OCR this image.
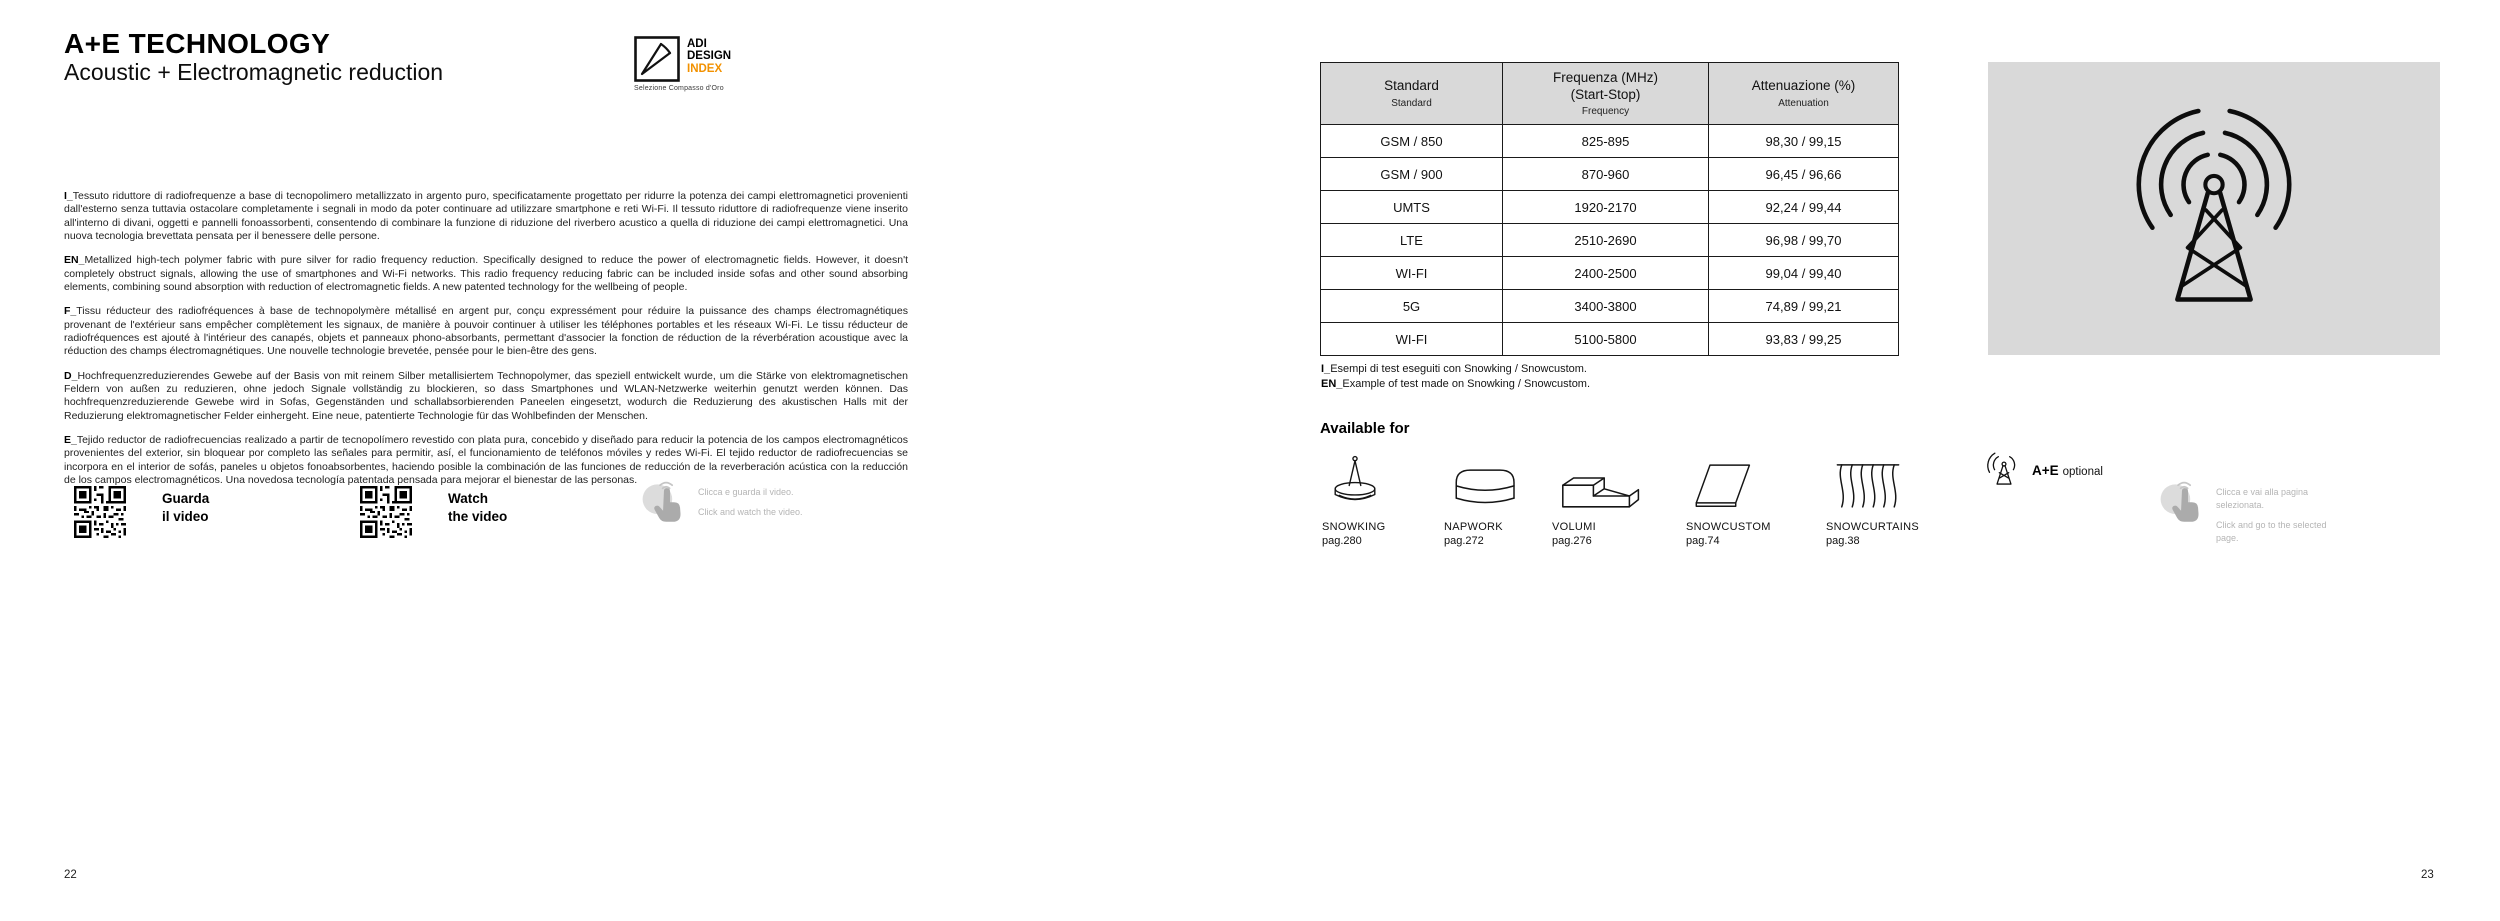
A+E TECHNOLOGY
Acoustic + Electromagnetic reduction
ADI
DESIGN
INDEX
Selezione Compasso d'Oro

I_Tessuto riduttore di radiofrequenze a base di tecnopolimero metallizzato in argento puro, specificatamente progettato per ridurre la potenza dei campi elettromagnetici provenienti dall'esterno senza tuttavia ostacolare completamente i segnali in modo da poter continuare ad utilizzare smartphone e reti Wi-Fi. Il tessuto riduttore di radiofrequenze viene inserito all'interno di divani, oggetti e pannelli fonoassorbenti, consentendo di combinare la funzione di riduzione del riverbero acustico a quella di riduzione dei campi elettromagnetici. Una nuova tecnologia brevettata pensata per il benessere delle persone.

EN_Metallized high-tech polymer fabric with pure silver for radio frequency reduction. Specifically designed to reduce the power of electromagnetic fields. However, it doesn't completely obstruct signals, allowing the use of smartphones and Wi-Fi networks. This radio frequency reducing fabric can be included inside sofas and other sound absorbing elements, combining sound absorption with reduction of electromagnetic fields. A new patented technology for the wellbeing of people.

F_Tissu réducteur des radiofréquences à base de technopolymère métallisé en argent pur, conçu expressément pour réduire la puissance des champs électromagnétiques provenant de l'extérieur sans empêcher complètement les signaux, de manière à pouvoir continuer à utiliser les téléphones portables et les réseaux Wi-Fi. Le tissu réducteur de radiofréquences est ajouté à l'intérieur des canapés, objets et panneaux phono-absorbants, permettant d'associer la fonction de réduction de la réverbération acoustique avec la réduction des champs électromagnétiques. Une nouvelle technologie brevetée, pensée pour le bien-être des gens.

D_Hochfrequenzreduzierendes Gewebe auf der Basis von mit reinem Silber metallisiertem Technopolymer, das speziell entwickelt wurde, um die Stärke von elektromagnetischen Feldern von außen zu reduzieren, ohne jedoch Signale vollständig zu blockieren, so dass Smartphones und WLAN-Netzwerke weiterhin genutzt werden können. Das hochfrequenzreduzierende Gewebe wird in Sofas, Gegenständen und schallabsorbierenden Paneelen eingesetzt, wodurch die Reduzierung des akustischen Halls mit der Reduzierung elektromagnetischer Felder einhergeht. Eine neue, patentierte Technologie für das Wohlbefinden der Menschen.

E_Tejido reductor de radiofrecuencias realizado a partir de tecnopolímero revestido con plata pura, concebido y diseñado para reducir la potencia de los campos electromagnéticos provenientes del exterior, sin bloquear por completo las señales para permitir, así, el funcionamiento de teléfonos móviles y redes Wi-Fi. El tejido reductor de radiofrecuencias se incorpora en el interior de sofás, paneles u objetos fonoabsorbentes, haciendo posible la combinación de las funciones de reducción de la reverberación acústica con la reducción de los campos electromagnéticos. Una novedosa tecnología patentada pensada para mejorar el bienestar de las personas.

Guarda
il video
Watch
the video

Clicca e guarda il video.

Click and watch the video.

22
Standard
Standard

Frequenza (MHz)
(Start-Stop)
Frequency

Attenuazione (%)
Attenuation

GSM / 850	825-895	98,30 / 99,15
GSM / 900	870-960	96,45 / 96,66
UMTS	1920-2170	92,24 / 99,44
LTE	2510-2690	96,98 / 99,70
WI-FI	2400-2500	99,04 / 99,40
5G	3400-3800	74,89 / 99,21
WI-FI	5100-5800	93,83 / 99,25
I_Esempi di test eseguiti con Snowking / Snowcustom.
EN_Example of test made on Snowking / Snowcustom.
Available for
SNOWKING
pag.280
NAPWORK
pag.272
VOLUMI
pag.276
SNOWCUSTOM
pag.74
SNOWCURTAINS
pag.38
A+E optional

Clicca e vai alla pagina selezionata.

Click and go to the selected page.

23
